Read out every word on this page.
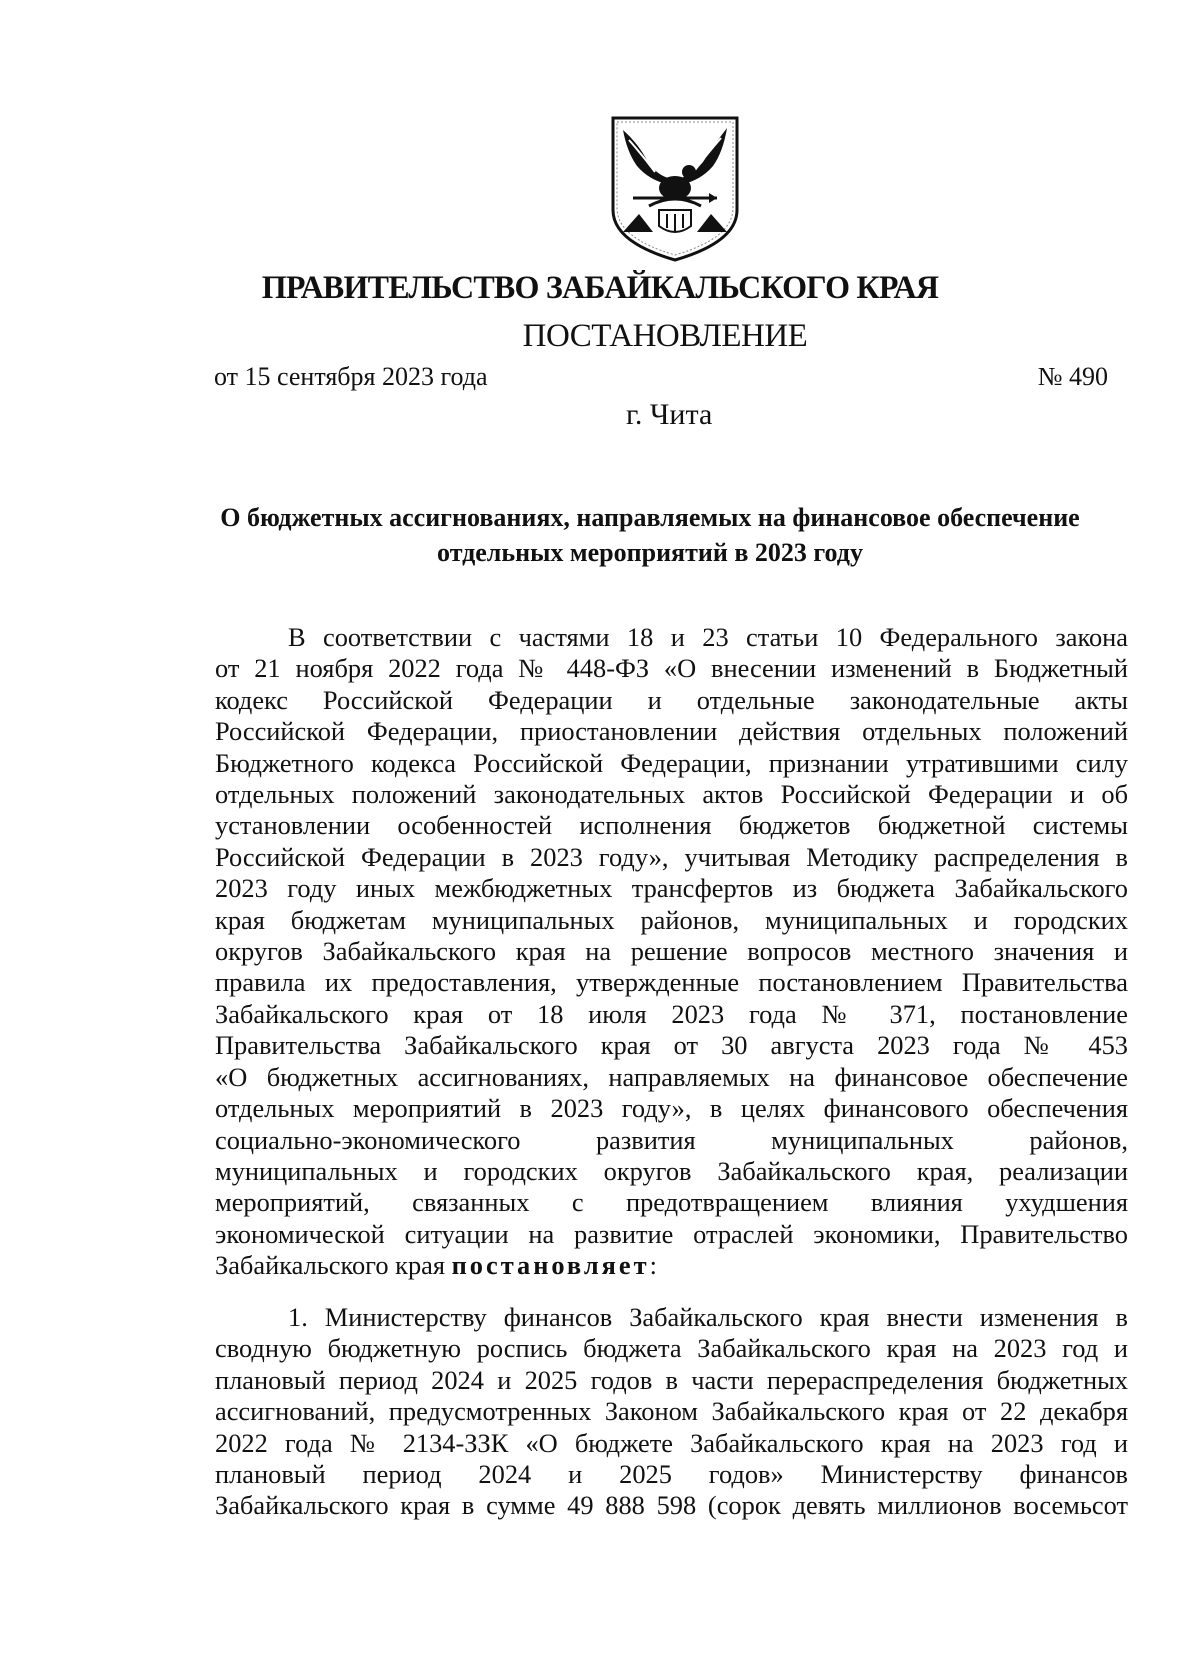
ПРАВИТЕЛЬСТВО ЗАБАЙКАЛЬСКОГО КРАЯ
ПОСТАНОВЛЕНИЕ
от 15 сентября 2023 года	№ 490
г. Чита
О бюджетных ассигнованиях, направляемых на финансовое обеспечение
отдельных мероприятий в 2023 году
В соответствии с частями 18 и 23 статьи 10 Федерального закона
от 21 ноября 2022 года № 448-ФЗ «О внесении изменений в Бюджетный
кодекс Российской Федерации и отдельные законодательные акты
Российской Федерации, приостановлении действия отдельных положений
Бюджетного кодекса Российской Федерации, признании утратившими силу
отдельных положений законодательных актов Российской Федерации и об
установлении особенностей исполнения бюджетов бюджетной системы
Российской Федерации в 2023 году», учитывая Методику распределения в
2023 году иных межбюджетных трансфертов из бюджета Забайкальского
края бюджетам муниципальных районов, муниципальных и городских
округов Забайкальского края на решение вопросов местного значения и
правила их предоставления, утвержденные постановлением Правительства
Забайкальского края от 18 июля 2023 года № 371, постановление
Правительства Забайкальского края от 30 августа 2023 года № 453
«О бюджетных ассигнованиях, направляемых на финансовое обеспечение
отдельных мероприятий в 2023 году», в целях финансового обеспечения
социально-экономического развития муниципальных районов,
муниципальных и городских округов Забайкальского края, реализации
мероприятий, связанных с предотвращением влияния ухудшения
экономической ситуации на развитие отраслей экономики, Правительство
Забайкальского края постановляет:
1. Министерству финансов Забайкальского края внести изменения в
сводную бюджетную роспись бюджета Забайкальского края на 2023 год и
плановый период 2024 и 2025 годов в части перераспределения бюджетных
ассигнований, предусмотренных Законом Забайкальского края от 22 декабря
2022 года № 2134-ЗЗК «О бюджете Забайкальского края на 2023 год и
плановый период 2024 и 2025 годов» Министерству финансов
Забайкальского края в сумме 49 888 598 (сорок девять миллионов восемьсот
